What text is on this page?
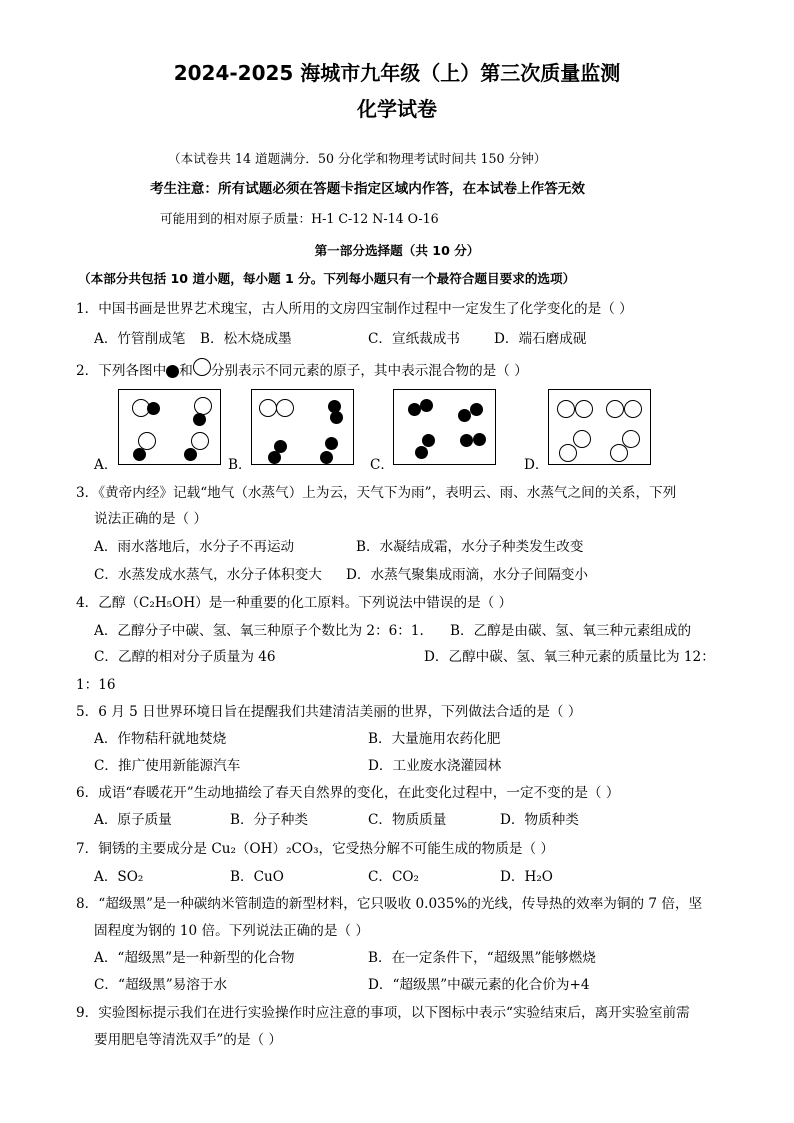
2024-2025 海城市九年级（上）第三次质量监测
化学试卷
（本试卷共 14 道题满分．50 分化学和物理考试时间共 150 分钟）
考生注意：所有试题必须在答题卡指定区域内作答，在本试卷上作答无效
可能用到的相对原子质量：H-1 C-12 N-14 O-16
第一部分选择题（共 10 分）
（本部分共包括 10 道小题，每小题 1 分。下列每小题只有一个最符合题目要求的选项）
1．中国书画是世界艺术瑰宝，古人所用的文房四宝制作过程中一定发生了化学变化的是（ ）
A．竹管削成笔 B．松木烧成墨	C．宣纸裁成书	D．端石磨成砚
2．下列各图中 和 分别表示不同元素的原子，其中表示混合物的是（ ）
A．	B．	C．	D．
3．《黄帝内经》记载“地气（水蒸气）上为云，天气下为雨”，表明云、雨、水蒸气之间的关系，下列
说法正确的是（ ）
A．雨水落地后，水分子不再运动	B．水凝结成霜，水分子种类发生改变
C．水蒸发成水蒸气，水分子体积变大 D．水蒸气聚集成雨滴，水分子间隔变小
4．乙醇（C₂H₅OH）是一种重要的化工原料。下列说法中错误的是（ ）
A．乙醇分子中碳、氢、氧三种原子个数比为 2：6：1. B．乙醇是由碳、氢、氧三种元素组成的
C．乙醇的相对分子质量为 46	D．乙醇中碳、氢、氧三种元素的质量比为 12：
1：16
5．6 月 5 日世界环境日旨在提醒我们共建清洁美丽的世界，下列做法合适的是（ ）
A．作物秸秆就地焚烧	B．大量施用农药化肥
C．推广使用新能源汽车	D．工业废水浇灌园林
6．成语“春暖花开”生动地描绘了春天自然界的变化，在此变化过程中，一定不变的是（ ）
A．原子质量	B．分子种类	C．物质质量	D．物质种类
7．铜锈的主要成分是 Cu₂（OH）₂CO₃，它受热分解不可能生成的物质是（ ）
A．SO₂	B．CuO	C．CO₂	D．H₂O
8．“超级黑”是一种碳纳米管制造的新型材料，它只吸收 0.035%的光线，传导热的效率为铜的 7 倍，坚
固程度为钢的 10 倍。下列说法正确的是（ ）
A．“超级黑”是一种新型的化合物	B．在一定条件下，“超级黑”能够燃烧
C．“超级黑”易溶于水	D．“超级黑”中碳元素的化合价为+4
9．实验图标提示我们在进行实验操作时应注意的事项，以下图标中表示“实验结束后，离开实验室前需
要用肥皂等清洗双手”的是（ ）
